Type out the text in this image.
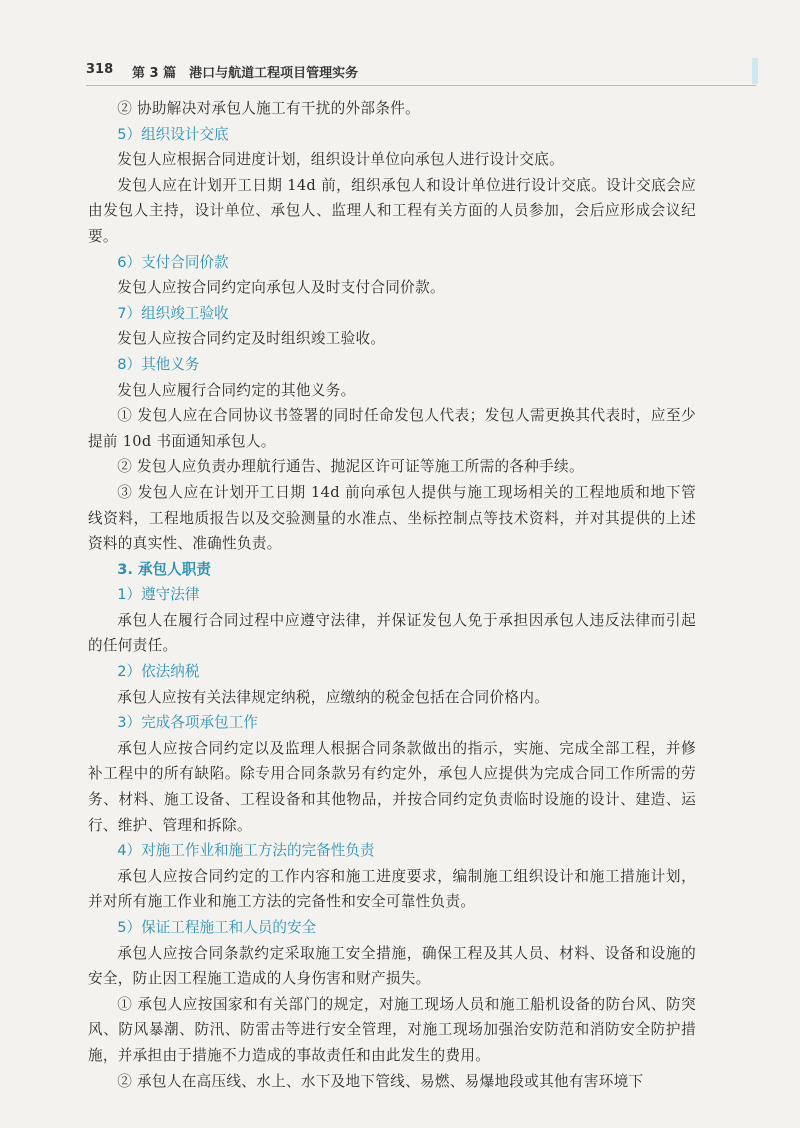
318 第 3 篇　港口与航道工程项目管理实务

② 协助解决对承包人施工有干扰的外部条件。

5）组织设计交底

发包人应根据合同进度计划，组织设计单位向承包人进行设计交底。

发包人应在计划开工日期 14d 前，组织承包人和设计单位进行设计交底。设计交底会应由发包人主持，设计单位、承包人、监理人和工程有关方面的人员参加，会后应形成会议纪要。

6）支付合同价款

发包人应按合同约定向承包人及时支付合同价款。

7）组织竣工验收

发包人应按合同约定及时组织竣工验收。

8）其他义务

发包人应履行合同约定的其他义务。

① 发包人应在合同协议书签署的同时任命发包人代表；发包人需更换其代表时，应至少提前 10d 书面通知承包人。

② 发包人应负责办理航行通告、抛泥区许可证等施工所需的各种手续。

③ 发包人应在计划开工日期 14d 前向承包人提供与施工现场相关的工程地质和地下管线资料，工程地质报告以及交验测量的水准点、坐标控制点等技术资料，并对其提供的上述资料的真实性、准确性负责。

3. 承包人职责
1）遵守法律

承包人在履行合同过程中应遵守法律，并保证发包人免于承担因承包人违反法律而引起的任何责任。

2）依法纳税

承包人应按有关法律规定纳税，应缴纳的税金包括在合同价格内。

3）完成各项承包工作

承包人应按合同约定以及监理人根据合同条款做出的指示，实施、完成全部工程，并修补工程中的所有缺陷。除专用合同条款另有约定外，承包人应提供为完成合同工作所需的劳务、材料、施工设备、工程设备和其他物品，并按合同约定负责临时设施的设计、建造、运行、维护、管理和拆除。

4）对施工作业和施工方法的完备性负责

承包人应按合同约定的工作内容和施工进度要求，编制施工组织设计和施工措施计划，并对所有施工作业和施工方法的完备性和安全可靠性负责。

5）保证工程施工和人员的安全

承包人应按合同条款约定采取施工安全措施，确保工程及其人员、材料、设备和设施的安全，防止因工程施工造成的人身伤害和财产损失。

① 承包人应按国家和有关部门的规定，对施工现场人员和施工船机设备的防台风、防突风、防风暴潮、防汛、防雷击等进行安全管理，对施工现场加强治安防范和消防安全防护措施，并承担由于措施不力造成的事故责任和由此发生的费用。

② 承包人在高压线、水上、水下及地下管线、易燃、易爆地段或其他有害环境下
